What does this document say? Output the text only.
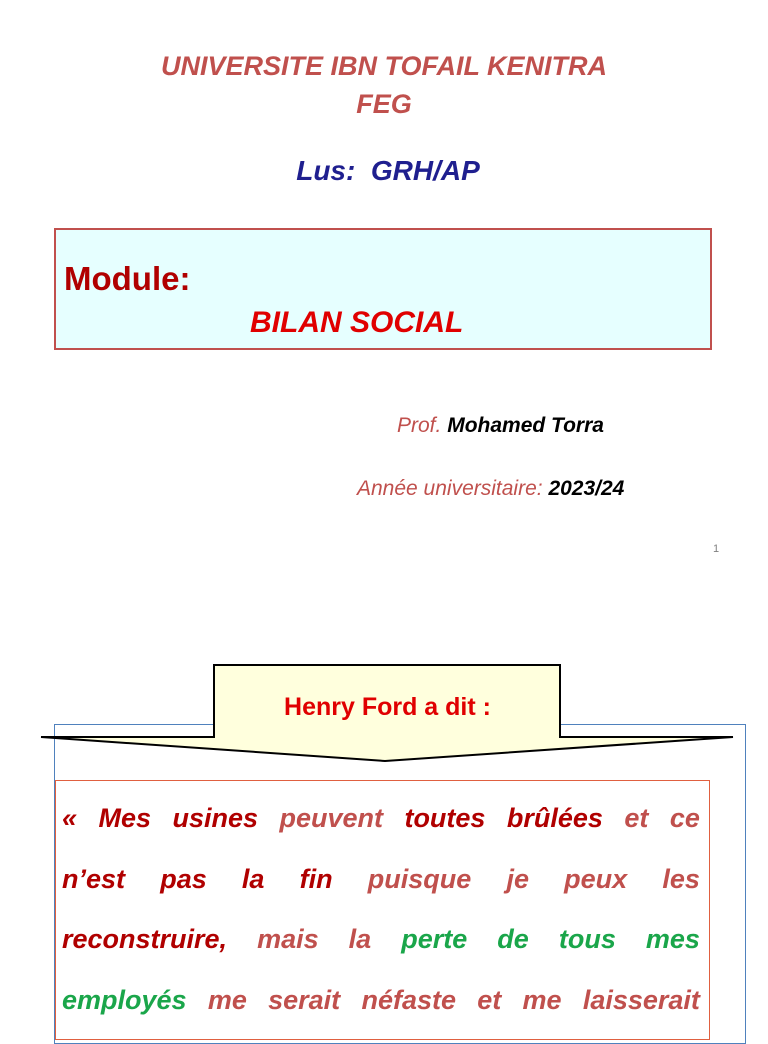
UNIVERSITE IBN TOFAIL KENITRA
FEG
Lus:  GRH/AP
Module:
BILAN SOCIAL
Prof. Mohamed Torra
Année universitaire: 2023/24
1
Henry Ford a dit :
« Mes usines peuvent toutes brûlées et ce
n’est pas la fin puisque je peux les
reconstruire, mais la perte de tous mes
employés me serait néfaste et me laisserait
